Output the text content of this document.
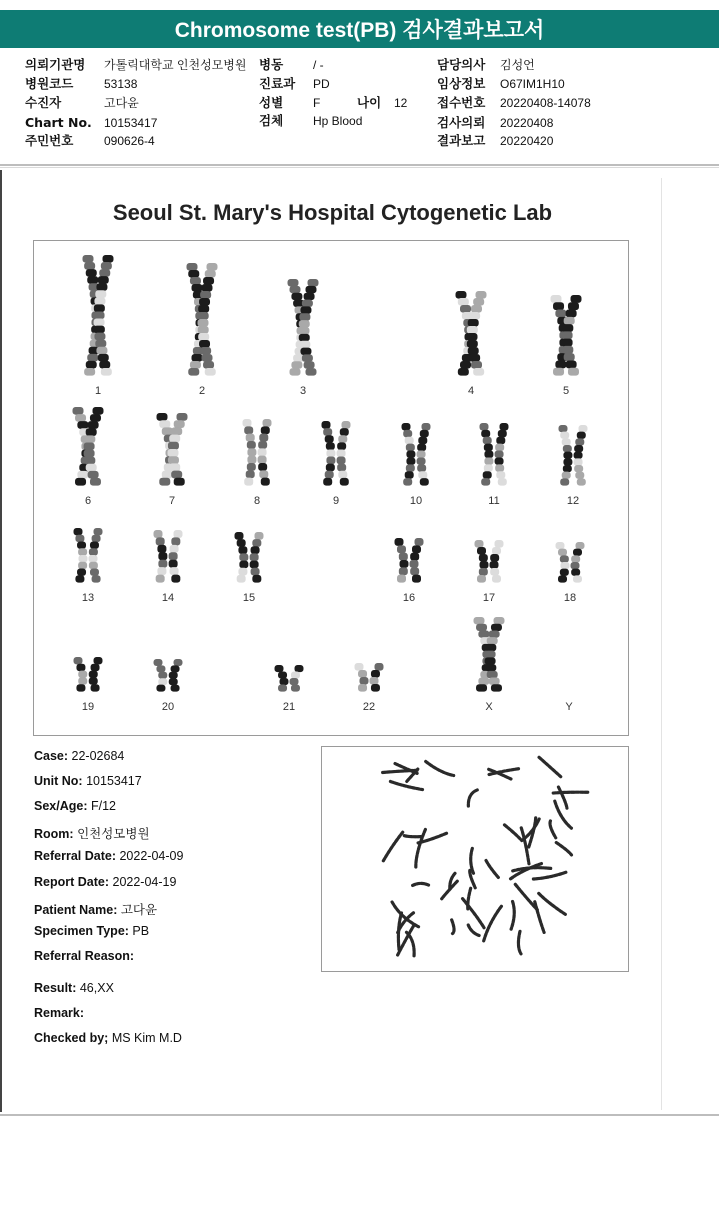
Chromosome test(PB) 검사결과보고서
의뢰기관명 가톨릭대학교 인천성모병원 병동 / -	담당의사 김성언
병원코드	53138	진료과 PD	임상정보 O67IM1H10
수진자	고다윤	성별 F	나이 12 접수번호 20220408-14078
Chart No. 10153417	검체 Hp Blood	검사의뢰 20220408
주민번호	090626-4	결과보고 20220420
Seoul St. Mary's Hospital Cytogenetic Lab
1	2	3	4	5
6	7	8	9	10	11	12
13	14	15	16	17	18
19	20	21	22	X	Y
Case: 22-02684
Unit No: 10153417
Sex/Age: F/12
Room: 인천성모병원
Referral Date: 2022-04-09
Report Date: 2022-04-19
Patient Name: 고다윤
Specimen Type: PB
Referral Reason:
Result: 46,XX
Remark:
Checked by; MS Kim M.D
